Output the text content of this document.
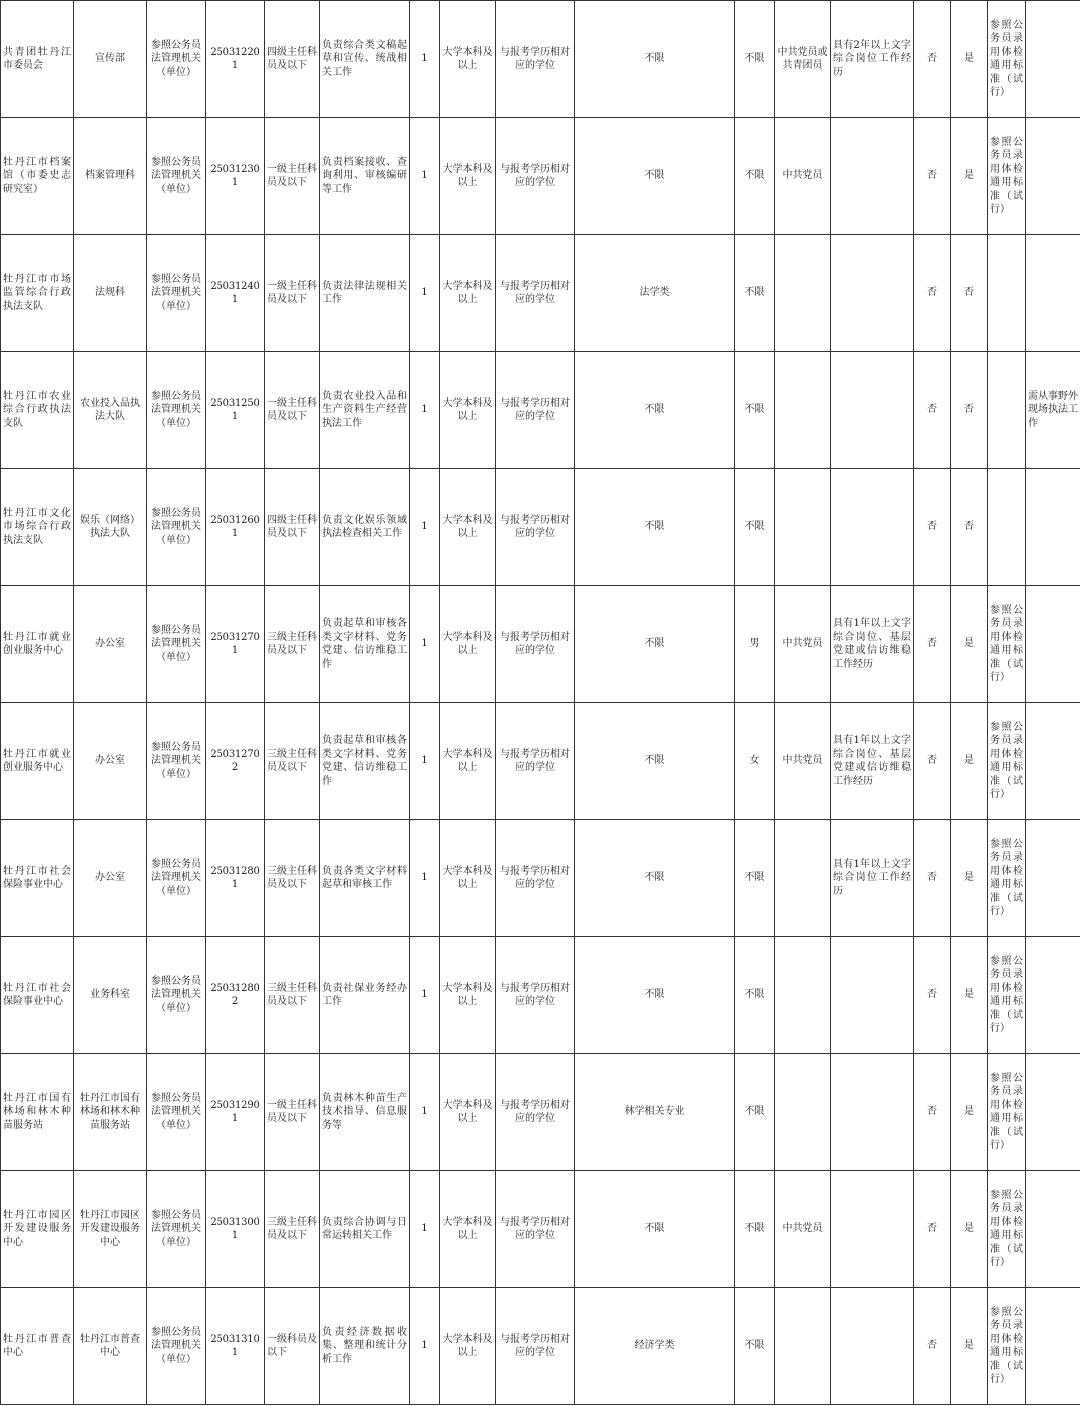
共青团牡丹江市委员会	宣传部	参照公务员法管理机关（单位）	250312201	四级主任科员及以下	负责综合类文稿起草和宣传、统战相关工作	1	大学本科及以上	与报考学历相对应的学位	不限	不限	中共党员或共青团员	具有2年以上文字综合岗位工作经历	否	是	参照公务员录用体检通用标准（试行）	
牡丹江市档案馆（市委史志研究室）	档案管理科	参照公务员法管理机关（单位）	250312301	一级主任科员及以下	负责档案接收、查询利用、审核编研等工作	1	大学本科及以上	与报考学历相对应的学位	不限	不限	中共党员		否	是	参照公务员录用体检通用标准（试行）	
牡丹江市市场监管综合行政执法支队	法规科	参照公务员法管理机关（单位）	250312401	一级主任科员及以下	负责法律法规相关工作	1	大学本科及以上	与报考学历相对应的学位	法学类	不限			否	否		
牡丹江市农业综合行政执法支队	农业投入品执法大队	参照公务员法管理机关（单位）	250312501	一级主任科员及以下	负责农业投入品和生产资料生产经营执法工作	1	大学本科及以上	与报考学历相对应的学位	不限	不限			否	否		需从事野外现场执法工作
牡丹江市文化市场综合行政执法支队	娱乐（网络）执法大队	参照公务员法管理机关（单位）	250312601	四级主任科员及以下	负责文化娱乐领域执法检查相关工作	1	大学本科及以上	与报考学历相对应的学位	不限	不限			否	否		
牡丹江市就业创业服务中心	办公室	参照公务员法管理机关（单位）	250312701	三级主任科员及以下	负责起草和审核各类文字材料、党务党建、信访维稳工作	1	大学本科及以上	与报考学历相对应的学位	不限	男	中共党员	具有1年以上文字综合岗位、基层党建或信访维稳工作经历	否	是	参照公务员录用体检通用标准（试行）	
牡丹江市就业创业服务中心	办公室	参照公务员法管理机关（单位）	250312702	三级主任科员及以下	负责起草和审核各类文字材料、党务党建、信访维稳工作	1	大学本科及以上	与报考学历相对应的学位	不限	女	中共党员	具有1年以上文字综合岗位、基层党建或信访维稳工作经历	否	是	参照公务员录用体检通用标准（试行）	
牡丹江市社会保险事业中心	办公室	参照公务员法管理机关（单位）	250312801	三级主任科员及以下	负责各类文字材料起草和审核工作	1	大学本科及以上	与报考学历相对应的学位	不限	不限		具有1年以上文字综合岗位工作经历	否	是	参照公务员录用体检通用标准（试行）	
牡丹江市社会保险事业中心	业务科室	参照公务员法管理机关（单位）	250312802	三级主任科员及以下	负责社保业务经办工作	1	大学本科及以上	与报考学历相对应的学位	不限	不限			否	是	参照公务员录用体检通用标准（试行）	
牡丹江市国有林场和林木种苗服务站	牡丹江市国有林场和林木种苗服务站	参照公务员法管理机关（单位）	250312901	一级主任科员及以下	负责林木种苗生产技术指导、信息服务等	1	大学本科及以上	与报考学历相对应的学位	林学相关专业	不限			否	是	参照公务员录用体检通用标准（试行）	
牡丹江市园区开发建设服务中心	牡丹江市园区开发建设服务中心	参照公务员法管理机关（单位）	250313001	三级主任科员及以下	负责综合协调与日常运转相关工作	1	大学本科及以上	与报考学历相对应的学位	不限	不限	中共党员		否	是	参照公务员录用体检通用标准（试行）	
牡丹江市普查中心	牡丹江市普查中心	参照公务员法管理机关（单位）	250313101	一级科员及以下	负责经济数据收集、整理和统计分析工作	1	大学本科及以上	与报考学历相对应的学位	经济学类	不限			否	是	参照公务员录用体检通用标准（试行）	
